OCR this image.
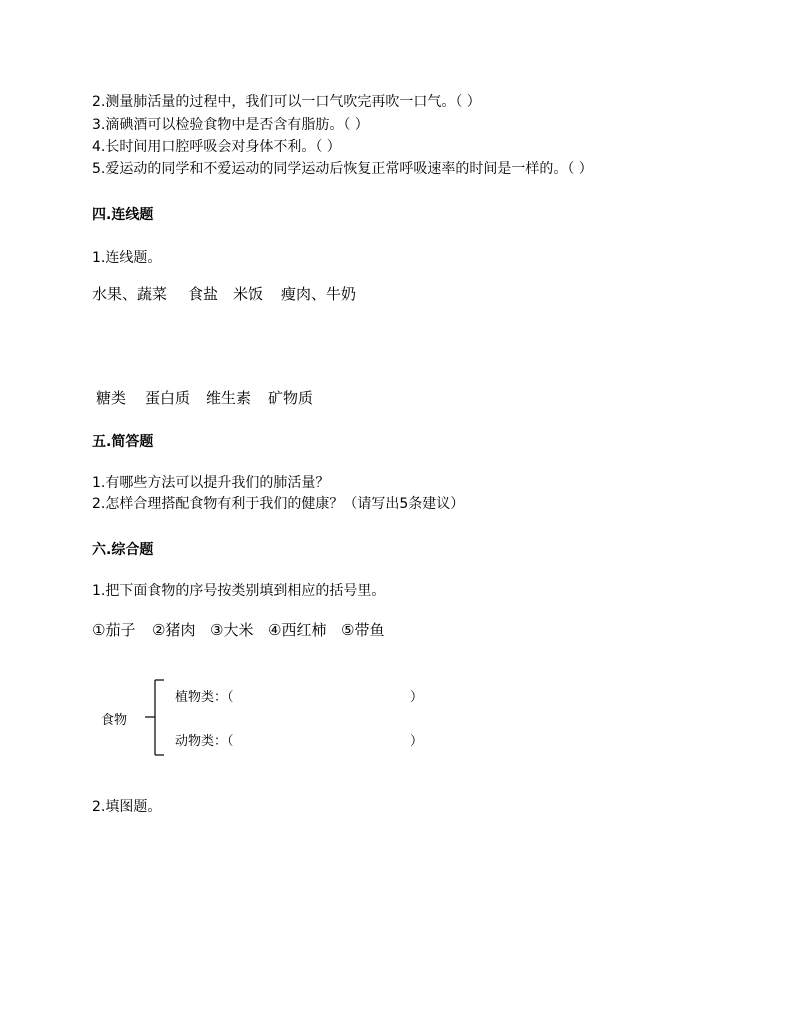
2.测量肺活量的过程中，我们可以一口气吹完再吹一口气。（ ）
3.滴碘酒可以检验食物中是否含有脂肪。（ ）
4.长时间用口腔呼吸会对身体不利。（ ）
5.爱运动的同学和不爱运动的同学运动后恢复正常呼吸速率的时间是一样的。（ ）
四.连线题
1.连线题。
水果、蔬菜 食盐 米饭 瘦肉、牛奶
糖类 蛋白质 维生素 矿物质
五.简答题
1.有哪些方法可以提升我们的肺活量？
2.怎样合理搭配食物有利于我们的健康？（请写出5条建议）
六.综合题
1.把下面食物的序号按类别填到相应的括号里。
①茄子 ②猪肉 ③大米 ④西红柿 ⑤带鱼
食物
植物类：（	）
动物类：（	）
2.填图题。
